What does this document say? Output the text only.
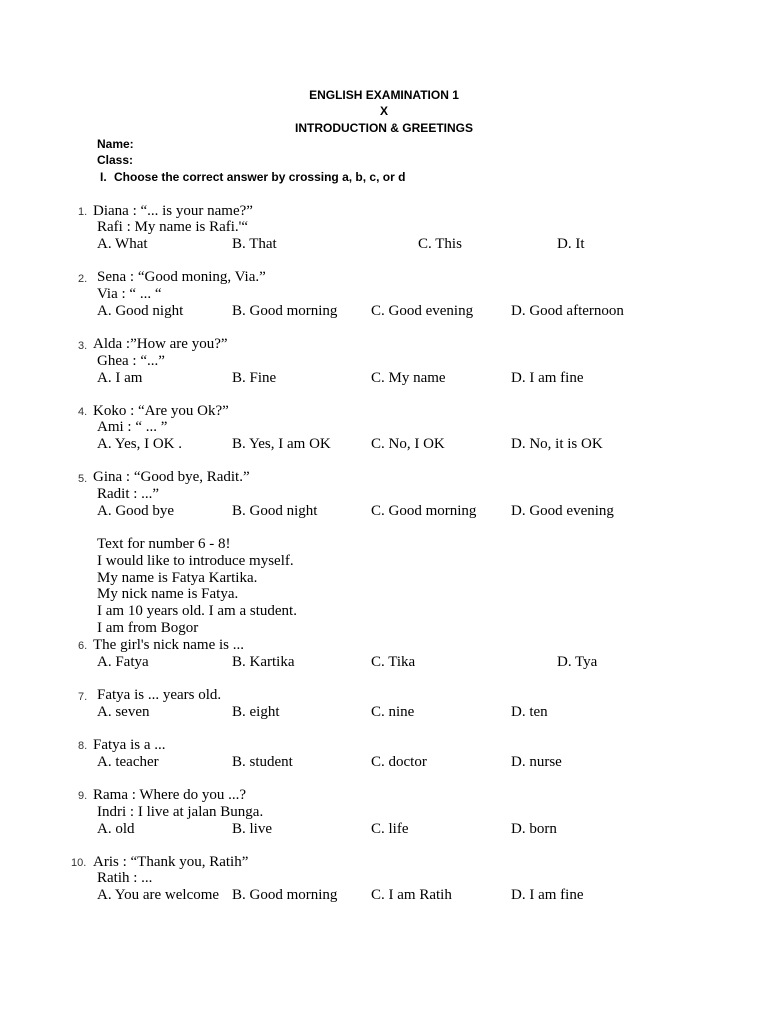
ENGLISH EXAMINATION 1
X
INTRODUCTION & GREETINGS
Name:
Class:
I. Choose the correct answer by crossing a, b, c, or d
1. Diana : “... is your name?”
Rafi : My name is Rafi.'“
A. What	B. That	C. This	D. It
2. Sena : “Good moning, Via.”
Via : “ ... “
A. Good night	B. Good morning C. Good evening	D. Good afternoon
3. Alda :”How are you?”
Ghea : “...”
A. I am	B. Fine	C. My name	D. I am fine
4. Koko : “Are you Ok?”
Ami : “ ... ”
A. Yes, I OK .	B. Yes, I am OK	C. No, I OK	D. No, it is OK
5. Gina : “Good bye, Radit.”
Radit : ...”
A. Good bye	B. Good night	C. Good morning D. Good evening
Text for number 6 - 8!
I would like to introduce myself.
My name is Fatya Kartika.
My nick name is Fatya.
I am 10 years old. I am a student.
I am from Bogor
6. The girl's nick name is ...
A. Fatya	B. Kartika	C. Tika	D. Tya
7. Fatya is ... years old.
A. seven	B. eight	C. nine	D. ten
8. Fatya is a ...
A. teacher	B. student	C. doctor	D. nurse
9. Rama : Where do you ...?
Indri : I live at jalan Bunga.
A. old	B. live	C. life	D. born
10. Aris : “Thank you, Ratih”
Ratih : ...
A. You are welcome B. Good morning C. I am Ratih	D. I am fine
